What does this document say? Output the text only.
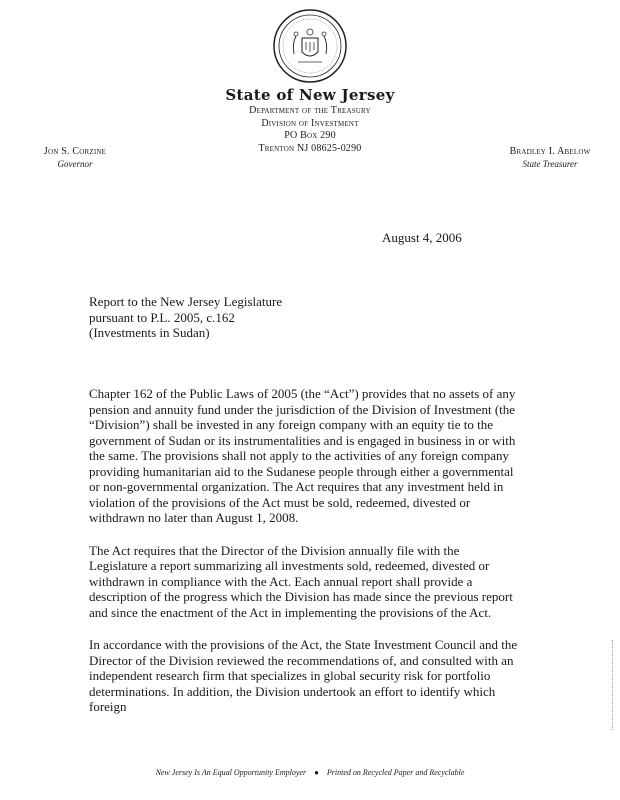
State of New Jersey
Department of the Treasury
Division of Investment
PO Box 290
Trenton NJ 08625-0290
Jon S. Corzine
Governor
Bradley I. Abelow
State Treasurer
August 4, 2006
Report to the New Jersey Legislature
pursuant to P.L. 2005, c.162
(Investments in Sudan)

Chapter 162 of the Public Laws of 2005 (the “Act”) provides that no assets of any pension and annuity fund under the jurisdiction of the Division of Investment (the “Division”) shall be invested in any foreign company with an equity tie to the government of Sudan or its instrumentalities and is engaged in business in or with the same. The provisions shall not apply to the activities of any foreign company providing humanitarian aid to the Sudanese people through either a governmental or non-governmental organization. The Act requires that any investment held in violation of the provisions of the Act must be sold, redeemed, divested or withdrawn no later than August 1, 2008.

The Act requires that the Director of the Division annually file with the Legislature a report summarizing all investments sold, redeemed, divested or withdrawn in compliance with the Act. Each annual report shall provide a description of the progress which the Division has made since the previous report and since the enactment of the Act in implementing the provisions of the Act.

In accordance with the provisions of the Act, the State Investment Council and the Director of the Division reviewed the recommendations of, and consulted with an independent research firm that specializes in global security risk for portfolio determinations. In addition, the Division undertook an effort to identify which foreign

New Jersey Is An Equal Opportunity Employer ● Printed on Recycled Paper and Recyclable
